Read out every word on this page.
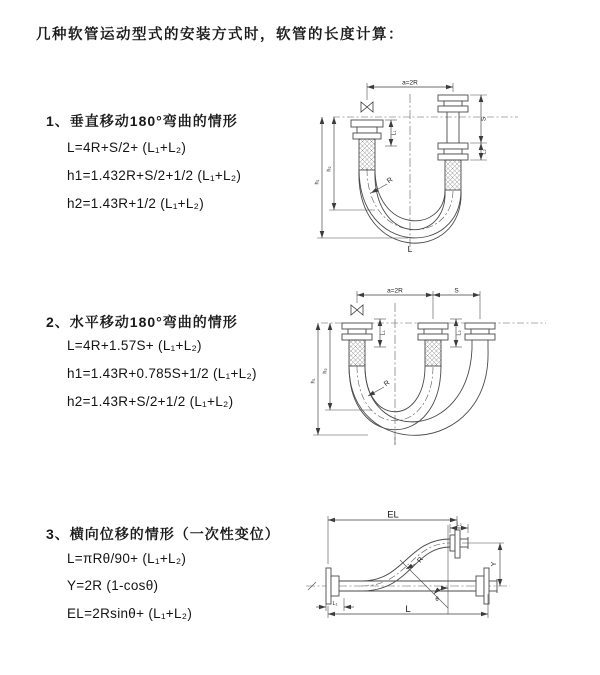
几种软管运动型式的安装方式时，软管的长度计算：
1、垂直移动180°弯曲的情形
L=4R+S/2+ (L₁+L₂)
h1=1.432R+S/2+1/2 (L₁+L₂)
h2=1.43R+1/2 (L₁+L₂)
2、水平移动180°弯曲的情形
L=4R+1.57S+ (L₁+L₂)
h1=1.43R+0.785S+1/2 (L₁+L₂)
h2=1.43R+S/2+1/2 (L₁+L₂)
3、横向位移的情形（一次性变位）
L=πRθ/90+ (L₁+L₂)
Y=2R (1-cosθ)
EL=2Rsinθ+ (L₁+L₂)
a=2R
S
L₂
L₁
h₁
h₂
R
L
a=2R	S
L₁	L₂
h₁
h₂
R
EL
L₂
Y
R
θ
L₁	L
